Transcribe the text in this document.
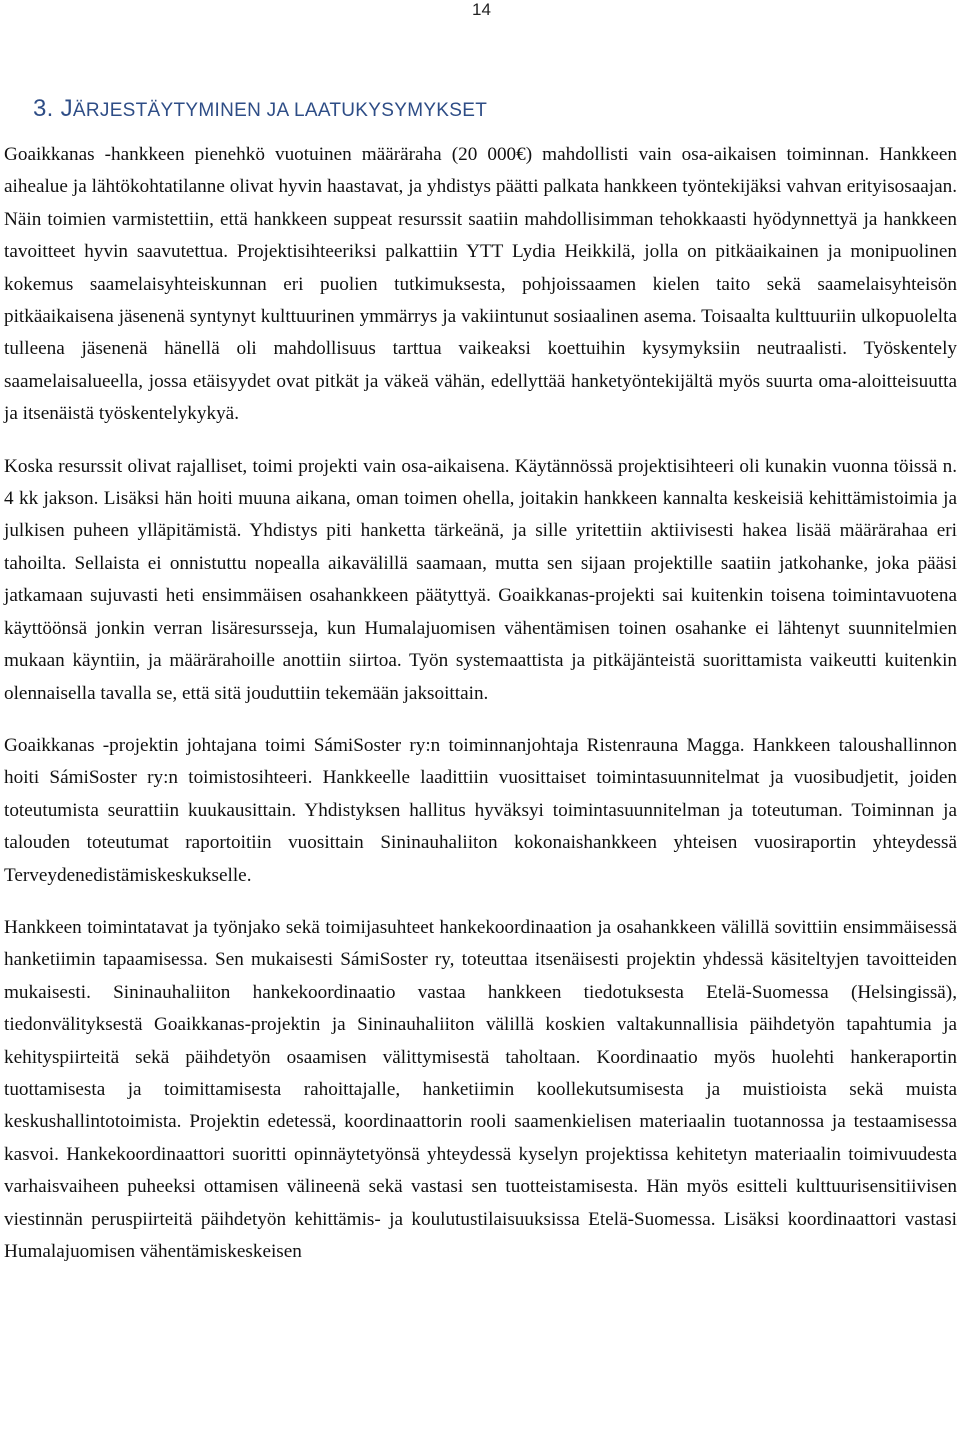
14
3. JÄRJESTÄYTYMINEN JA LAATUKYSYMYKSET

Goaikkanas -hankkeen pienehkö vuotuinen määräraha (20 000€) mahdollisti vain osa-aikaisen toiminnan. Hankkeen aihealue ja lähtökohtatilanne olivat hyvin haastavat, ja yhdistys päätti palkata hankkeen työntekijäksi vahvan erityisosaajan. Näin toimien varmistettiin, että hankkeen suppeat resurssit saatiin mahdollisimman tehokkaasti hyödynnettyä ja hankkeen tavoitteet hyvin saavutettua. Projektisihteeriksi palkattiin YTT Lydia Heikkilä, jolla on pitkäaikainen ja monipuolinen kokemus saamelaisyhteiskunnan eri puolien tutkimuksesta, pohjoissaamen kielen taito sekä saamelaisyhteisön pitkäaikaisena jäsenenä syntynyt kulttuurinen ymmärrys ja vakiintunut sosiaalinen asema. Toisaalta kulttuuriin ulkopuolelta tulleena jäsenenä hänellä oli mahdollisuus tarttua vaikeaksi koettuihin kysymyksiin neutraalisti. Työskentely saamelaisalueella, jossa etäisyydet ovat pitkät ja väkeä vähän, edellyttää hanketyöntekijältä myös suurta oma-aloitteisuutta ja itsenäistä työskentelykykyä.

Koska resurssit olivat rajalliset, toimi projekti vain osa-aikaisena. Käytännössä projektisihteeri oli kunakin vuonna töissä n. 4 kk jakson. Lisäksi hän hoiti muuna aikana, oman toimen ohella, joitakin hankkeen kannalta keskeisiä kehittämistoimia ja julkisen puheen ylläpitämistä. Yhdistys piti hanketta tärkeänä, ja sille yritettiin aktiivisesti hakea lisää määrärahaa eri tahoilta. Sellaista ei onnistuttu nopealla aikavälillä saamaan, mutta sen sijaan projektille saatiin jatkohanke, joka pääsi jatkamaan sujuvasti heti ensimmäisen osahankkeen päätyttyä. Goaikkanas-projekti sai kuitenkin toisena toimintavuotena käyttöönsä jonkin verran lisäresursseja, kun Humalajuomisen vähentämisen toinen osahanke ei lähtenyt suunnitelmien mukaan käyntiin, ja määrärahoille anottiin siirtoa. Työn systemaattista ja pitkäjänteistä suorittamista vaikeutti kuitenkin olennaisella tavalla se, että sitä jouduttiin tekemään jaksoittain.

Goaikkanas -projektin johtajana toimi SámiSoster ry:n toiminnanjohtaja Ristenrauna Magga. Hankkeen taloushallinnon hoiti SámiSoster ry:n toimistosihteeri. Hankkeelle laadittiin vuosittaiset toimintasuunnitelmat ja vuosibudjetit, joiden toteutumista seurattiin kuukausittain. Yhdistyksen hallitus hyväksyi toimintasuunnitelman ja toteutuman. Toiminnan ja talouden toteutumat raportoitiin vuosittain Sininauhaliiton kokonaishankkeen yhteisen vuosiraportin yhteydessä Terveydenedistämiskeskukselle.

Hankkeen toimintatavat ja työnjako sekä toimijasuhteet hankekoordinaation ja osahankkeen välillä sovittiin ensimmäisessä hanketiimin tapaamisessa. Sen mukaisesti SámiSoster ry, toteuttaa itsenäisesti projektin yhdessä käsiteltyjen tavoitteiden mukaisesti. Sininauhaliiton hankekoordinaatio vastaa hankkeen tiedotuksesta Etelä-Suomessa (Helsingissä), tiedonvälityksestä Goaikkanas-projektin ja Sininauhaliiton välillä koskien valtakunnallisia päihdetyön tapahtumia ja kehityspiirteitä sekä päihdetyön osaamisen välittymisestä taholtaan. Koordinaatio myös huolehti hankeraportin tuottamisesta ja toimittamisesta rahoittajalle, hanketiimin koollekutsumisesta ja muistioista sekä muista keskushallintotoimista. Projektin edetessä, koordinaattorin rooli saamenkielisen materiaalin tuotannossa ja testaamisessa kasvoi. Hankekoordinaattori suoritti opinnäytetyönsä yhteydessä kyselyn projektissa kehitetyn materiaalin toimivuudesta varhaisvaiheen puheeksi ottamisen välineenä sekä vastasi sen tuotteistamisesta. Hän myös esitteli kulttuurisensitiivisen viestinnän peruspiirteitä päihdetyön kehittämis- ja koulutustilaisuuksissa Etelä-Suomessa. Lisäksi koordinaattori vastasi Humalajuomisen vähentämiskeskeisen
